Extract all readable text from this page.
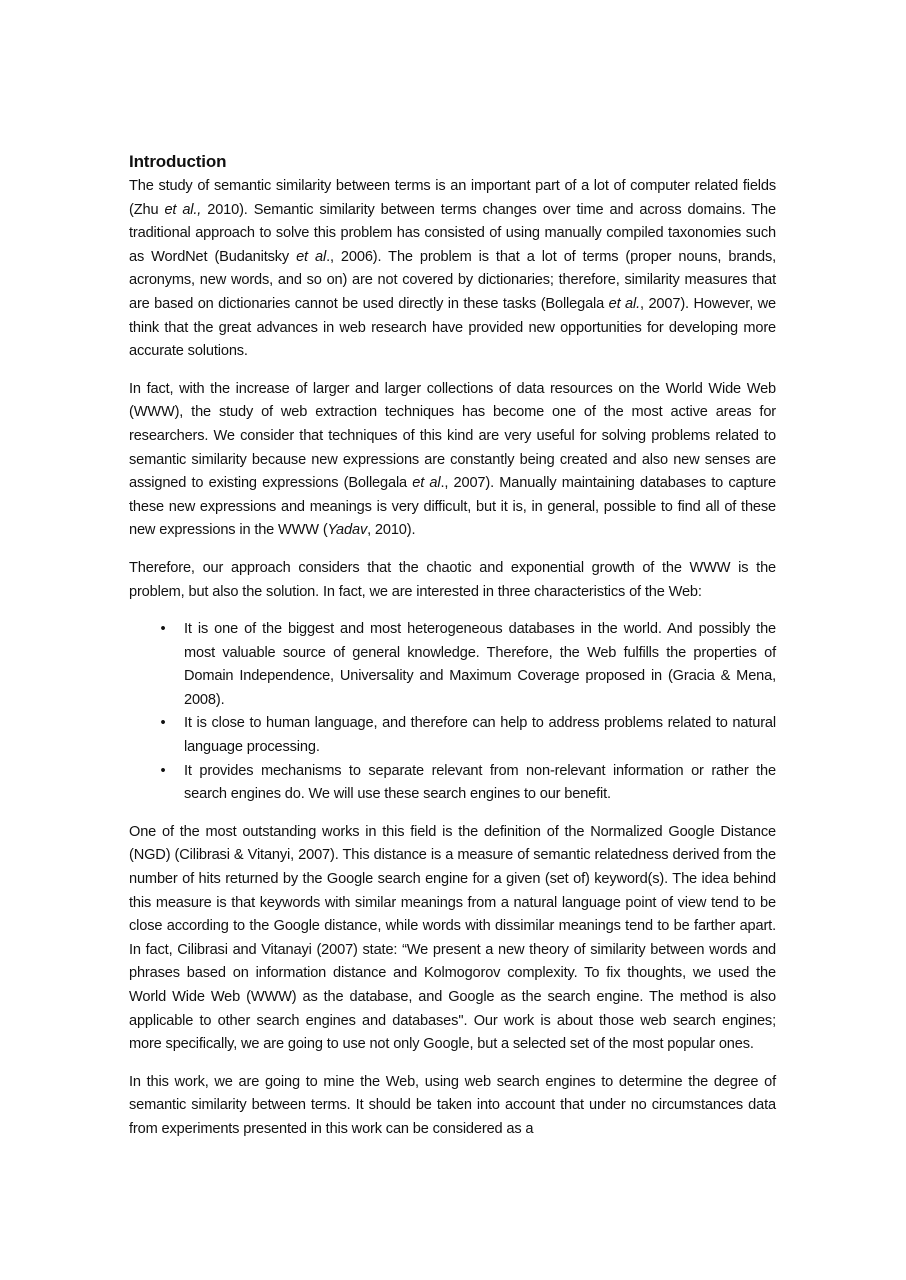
Introduction

The study of semantic similarity between terms is an important part of a lot of computer related fields (Zhu et al., 2010). Semantic similarity between terms changes over time and across domains. The traditional approach to solve this problem has consisted of using manually compiled taxonomies such as WordNet (Budanitsky et al., 2006). The problem is that a lot of terms (proper nouns, brands, acronyms, new words, and so on) are not covered by dictionaries; therefore, similarity measures that are based on dictionaries cannot be used directly in these tasks (Bollegala et al., 2007). However, we think that the great advances in web research have provided new opportunities for developing more accurate solutions.

In fact, with the increase of larger and larger collections of data resources on the World Wide Web (WWW), the study of web extraction techniques has become one of the most active areas for researchers. We consider that techniques of this kind are very useful for solving problems related to semantic similarity because new expressions are constantly being created and also new senses are assigned to existing expressions (Bollegala et al., 2007). Manually maintaining databases to capture these new expressions and meanings is very difficult, but it is, in general, possible to find all of these new expressions in the WWW (Yadav, 2010).

Therefore, our approach considers that the chaotic and exponential growth of the WWW is the problem, but also the solution. In fact, we are interested in three characteristics of the Web:

• It is one of the biggest and most heterogeneous databases in the world. And possibly the most valuable source of general knowledge. Therefore, the Web fulfills the properties of Domain Independence, Universality and Maximum Coverage proposed in (Gracia & Mena, 2008).
• It is close to human language, and therefore can help to address problems related to natural language processing.
• It provides mechanisms to separate relevant from non-relevant information or rather the search engines do. We will use these search engines to our benefit.

One of the most outstanding works in this field is the definition of the Normalized Google Distance (NGD) (Cilibrasi & Vitanyi, 2007). This distance is a measure of semantic relatedness derived from the number of hits returned by the Google search engine for a given (set of) keyword(s). The idea behind this measure is that keywords with similar meanings from a natural language point of view tend to be close according to the Google distance, while words with dissimilar meanings tend to be farther apart. In fact, Cilibrasi and Vitanayi (2007) state: “We present a new theory of similarity between words and phrases based on information distance and Kolmogorov complexity. To fix thoughts, we used the World Wide Web (WWW) as the database, and Google as the search engine. The method is also applicable to other search engines and databases''. Our work is about those web search engines; more specifically, we are going to use not only Google, but a selected set of the most popular ones.

In this work, we are going to mine the Web, using web search engines to determine the degree of semantic similarity between terms. It should be taken into account that under no circumstances data from experiments presented in this work can be considered as a
